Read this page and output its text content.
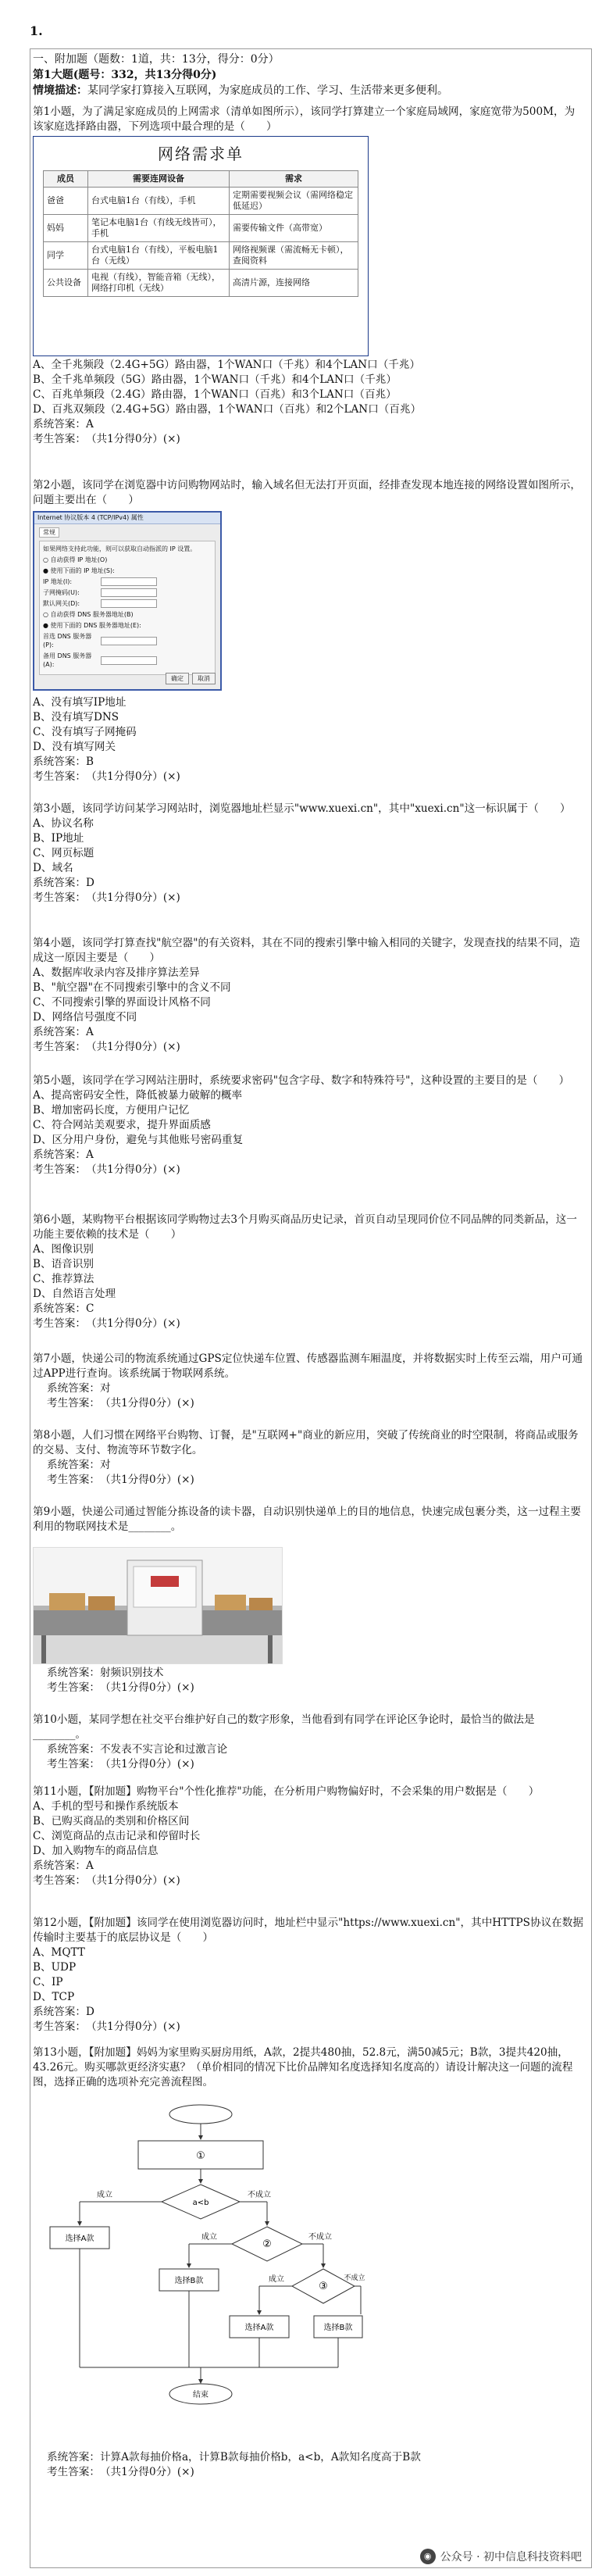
1.
一、附加题（题数：1道，共：13分，得分：0分）
第1大题(题号：332，共13分得0分)
情境描述：某同学家打算接入互联网，为家庭成员的工作、学习、生活带来更多便利。

第1小题，为了满足家庭成员的上网需求（清单如图所示），该同学打算建立一个家庭局域网，家庭宽带为500M，为该家庭选择路由器，下列选项中最合理的是（　　）

网络需求单
成员	需要连网设备	需求
爸爸	台式电脑1台（有线），手机	定期需要视频会议（需网络稳定低延迟）
妈妈	笔记本电脑1台（有线无线皆可），手机	需要传输文件（高带宽）
同学	台式电脑1台（有线），平板电脑1台（无线）	网络视频课（需流畅无卡顿），查阅资料
公共设备	电视（有线），智能音箱（无线），网络打印机（无线）	高清片源，连接网络

A、全千兆频段（2.4G+5G）路由器，1个WAN口（千兆）和4个LAN口（千兆）

B、全千兆单频段（5G）路由器，1个WAN口（千兆）和4个LAN口（千兆）

C、百兆单频段（2.4G）路由器，1个WAN口（百兆）和3个LAN口（百兆）

D、百兆双频段（2.4G+5G）路由器，1个WAN口（百兆）和2个LAN口（百兆）

系统答案：A

考生答案：　（共1分得0分）(×)

第2小题，该同学在浏览器中访问购物网站时，输入域名但无法打开页面，经排查发现本地连接的网络设置如图所示，问题主要出在（　　）

Internet 协议版本 4 (TCP/IPv4) 属性
常规
如果网络支持此功能，则可以获取自动指派的 IP 设置。
○ 自动获得 IP 地址(O)
● 使用下面的 IP 地址(S):
IP 地址(I):
子网掩码(U):
默认网关(D):
○ 自动获得 DNS 服务器地址(B)
● 使用下面的 DNS 服务器地址(E):
首选 DNS 服务器(P):
备用 DNS 服务器(A):
确定	取消

A、没有填写IP地址

B、没有填写DNS

C、没有填写子网掩码

D、没有填写网关

系统答案：B

考生答案：　（共1分得0分）(×)

第3小题，该同学访问某学习网站时，浏览器地址栏显示"www.xuexi.cn"，其中"xuexi.cn"这一标识属于（　　）

A、协议名称

B、IP地址

C、网页标题

D、域名

系统答案：D

考生答案：　（共1分得0分）(×)

第4小题，该同学打算查找"航空器"的有关资料，其在不同的搜索引擎中输入相同的关键字，发现查找的结果不同，造成这一原因主要是（　　）

A、数据库收录内容及排序算法差异

B、"航空器"在不同搜索引擎中的含义不同

C、不同搜索引擎的界面设计风格不同

D、网络信号强度不同

系统答案：A

考生答案：　（共1分得0分）(×)

第5小题，该同学在学习网站注册时，系统要求密码"包含字母、数字和特殊符号"，这种设置的主要目的是（　　）

A、提高密码安全性，降低被暴力破解的概率

B、增加密码长度，方便用户记忆

C、符合网站美观要求，提升界面质感

D、区分用户身份，避免与其他账号密码重复

系统答案：A

考生答案：　（共1分得0分）(×)

第6小题，某购物平台根据该同学购物过去3个月购买商品历史记录，首页自动呈现同价位不同品牌的同类新品，这一功能主要依赖的技术是（　　）

A、图像识别

B、语音识别

C、推荐算法

D、自然语言处理

系统答案：C

考生答案：　（共1分得0分）(×)

第7小题，快递公司的物流系统通过GPS定位快递车位置、传感器监测车厢温度，并将数据实时上传至云端，用户可通过APP进行查询。该系统属于物联网系统。

系统答案：对

考生答案：　（共1分得0分）(×)

第8小题，人们习惯在网络平台购物、订餐，是"互联网+"商业的新应用，突破了传统商业的时空限制，将商品或服务的交易、支付、物流等环节数字化。

系统答案：对

考生答案：　（共1分得0分）(×)

第9小题，快递公司通过智能分拣设备的读卡器，自动识别快递单上的目的地信息，快速完成包裹分类，这一过程主要利用的物联网技术是________。

系统答案：射频识别技术

考生答案：　（共1分得0分）(×)

第10小题，某同学想在社交平台维护好自己的数字形象，当他看到有同学在评论区争论时，最恰当的做法是________。

系统答案：不发表不实言论和过激言论

考生答案：　（共1分得0分）(×)

第11小题，【附加题】购物平台"个性化推荐"功能，在分析用户购物偏好时，不会采集的用户数据是（　　）

A、手机的型号和操作系统版本

B、已购买商品的类别和价格区间

C、浏览商品的点击记录和停留时长

D、加入购物车的商品信息

系统答案：A

考生答案：　（共1分得0分）(×)

第12小题，【附加题】该同学在使用浏览器访问时，地址栏中显示"https://www.xuexi.cn"，其中HTTPS协议在数据传输时主要基于的底层协议是（　　）

A、MQTT

B、UDP

C、IP

D、TCP

系统答案：D

考生答案：　（共1分得0分）(×)

第13小题，【附加题】妈妈为家里购买厨房用纸，A款，2提共480抽，52.8元，满50减5元；B款，3提共420抽，43.26元。购买哪款更经济实惠？（单价相同的情况下比价品牌知名度选择知名度高的）请设计解决这一问题的流程图，选择正确的选项补充完善流程图。

①
a<b
成立
选择A款
不成立
②
成立
选择B款
不成立
③
成立
选择A款
不成立
选择B款
结束

系统答案：计算A款每抽价格a，计算B款每抽价格b，a<b，A款知名度高于B款

考生答案：　（共1分得0分）(×)

◉ 公众号 · 初中信息科技资料吧
